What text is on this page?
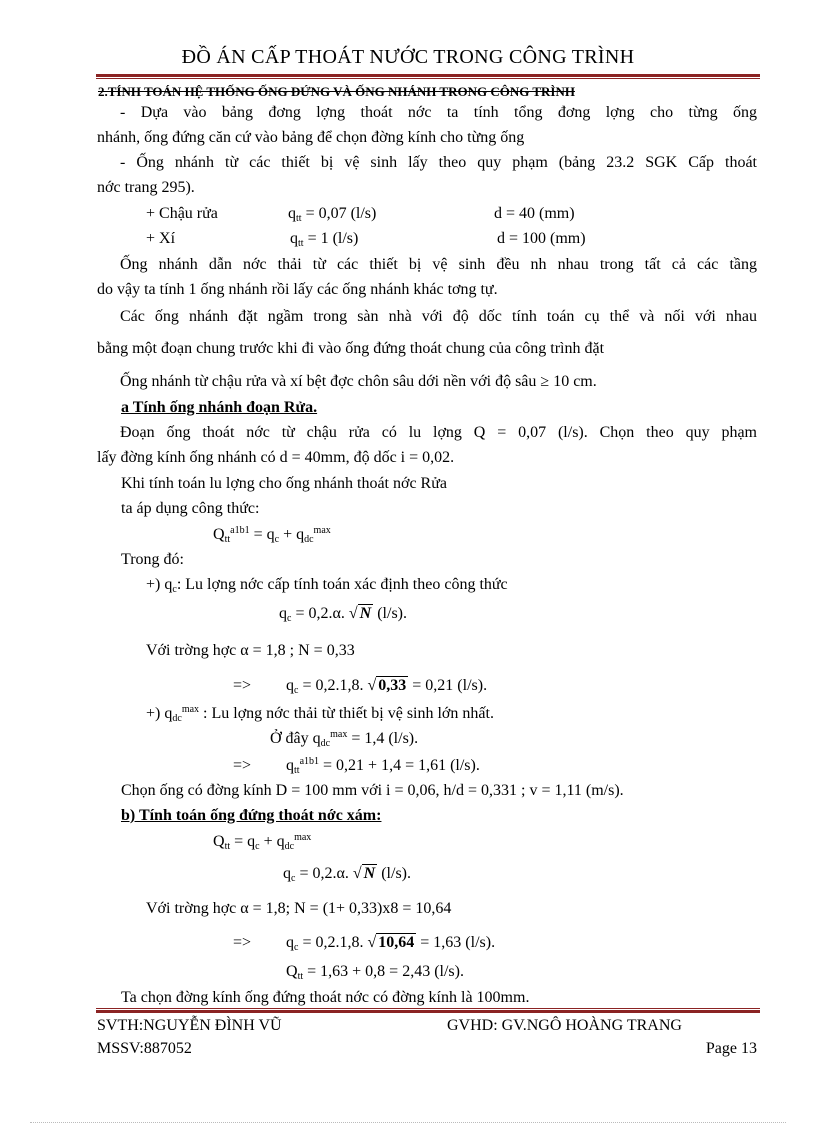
ĐỒ ÁN CẤP THOÁT NƯỚC TRONG CÔNG TRÌNH
2.TÍNH TOÁN HỆ THỐNG ỐNG ĐỨNG VÀ ỐNG NHÁNH TRONG CÔNG TRÌNH
- Dựa vào bảng đơng lợng thoát nớc ta tính tổng đơng lợng cho từng ống
nhánh, ống đứng căn cứ vào bảng để chọn đờng kính cho từng ống
- Ống nhánh từ các thiết bị vệ sinh lấy theo quy phạm (bảng 23.2 SGK Cấp thoát
nớc trang 295).
+ Chậu rửa	qtt = 0,07 (l/s)	d = 40 (mm)
+ Xí	qtt = 1 (l/s)	d = 100 (mm)
Ống nhánh dẫn nớc thải từ các thiết bị vệ sinh đều nh nhau trong tất cả các tầng
do vậy ta tính 1 ống nhánh rồi lấy các ống nhánh khác tơng tự.
Các ống nhánh đặt ngầm trong sàn nhà với độ dốc tính toán cụ thể và nối với nhau
bằng một đoạn chung trước khi đi vào ống đứng thoát chung của công trình đặt
Ống nhánh từ chậu rửa và xí bệt đợc chôn sâu dới nền với độ sâu ≥ 10 cm.
a Tính ống nhánh đoạn Rửa.
Đoạn ống thoát nớc từ chậu rửa có lu lợng Q = 0,07 (l/s). Chọn theo quy phạm
lấy đờng kính ống nhánh có d = 40mm, độ dốc i = 0,02.
Khi tính toán lu lợng cho ống nhánh thoát nớc Rửa
ta áp dụng công thức:
Qtt$^{a1b1}$ = qc + qdc$^{max}$
Trong đó:
+) qc: Lu lợng nớc cấp tính toán xác định theo công thức
qc = 0,2.α. √ N (l/s).
Với trờng hợc α = 1,8 ; N = 0,33
=> qc = 0,2.1,8. √ 0,33 = 0,21 (l/s).
+) qdc$^{max}$ : Lu lợng nớc thải từ thiết bị vệ sinh lớn nhất.
Ở đây qdc$^{max}$ = 1,4 (l/s).
=> qtt$^{a1b1}$ = 0,21 + 1,4 = 1,61 (l/s).
Chọn ống có đờng kính D = 100 mm với i = 0,06, h/d = 0,331 ; v = 1,11 (m/s).
b) Tính toán ống đứng thoát nớc xám:
Qtt = qc + qdc$^{max}$
qc = 0,2.α. √ N (l/s).
Với trờng hợc α = 1,8; N = (1+ 0,33)x8 = 10,64
=> qc = 0,2.1,8. √ 10,64 = 1,63 (l/s).
Qtt = 1,63 + 0,8 = 2,43 (l/s).
Ta chọn đờng kính ống đứng thoát nớc có đờng kính là 100mm.
SVTH:NGUYỄN ĐÌNH VŨ
MSSV:887052
GVHD: GV.NGÔ HOÀNG TRANG
Page 13
